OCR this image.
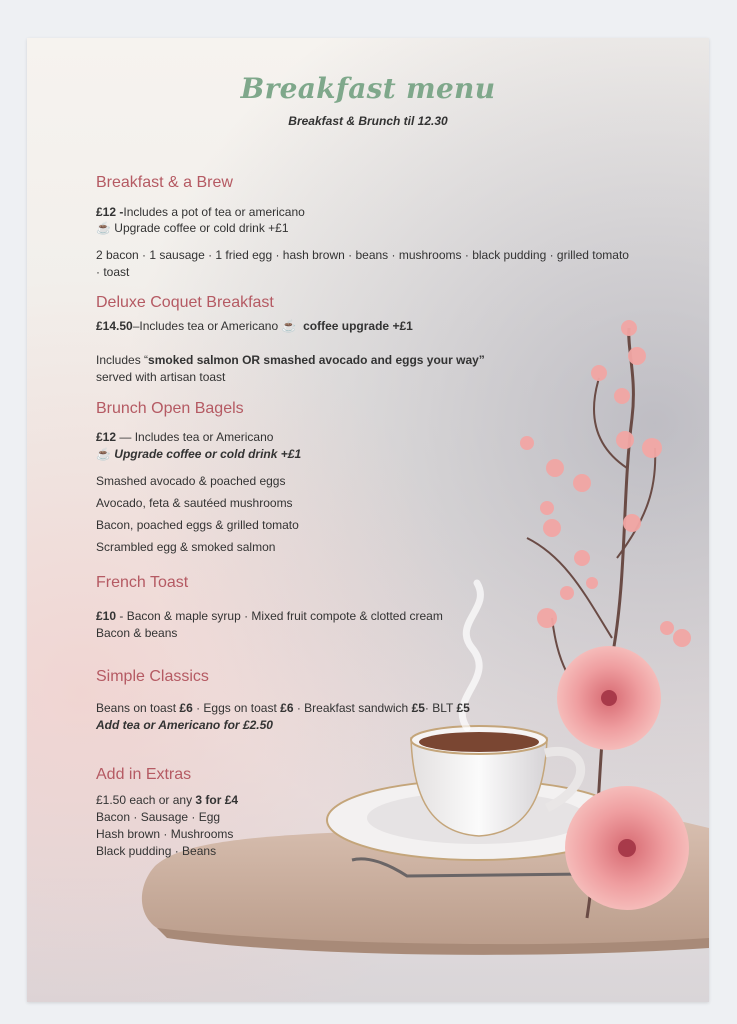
Breakfast menu
Breakfast & Brunch til 12.30
Breakfast & a Brew
£12 -Includes a pot of tea or americano
☕ Upgrade coffee or cold drink +£1
2 bacon · 1 sausage · 1 fried egg · hash brown · beans · mushrooms · black pudding · grilled tomato · toast
Deluxe Coquet Breakfast
£14.50–Includes tea or Americano ☕ coffee upgrade +£1
Includes “smoked salmon OR smashed avocado and eggs your way”
served with artisan toast
Brunch Open Bagels
£12 — Includes tea or Americano
☕ Upgrade coffee or cold drink +£1
Smashed avocado & poached eggs
Avocado, feta & sautéed mushrooms
Bacon, poached eggs & grilled tomato
Scrambled egg & smoked salmon
French Toast
£10 - Bacon & maple syrup · Mixed fruit compote & clotted cream
Bacon & beans
Simple Classics
Beans on toast £6 · Eggs on toast £6 · Breakfast sandwich £5· BLT £5
Add tea or Americano for £2.50
Add in Extras
£1.50 each or any 3 for £4
Bacon · Sausage · Egg
Hash brown · Mushrooms
Black pudding · Beans
